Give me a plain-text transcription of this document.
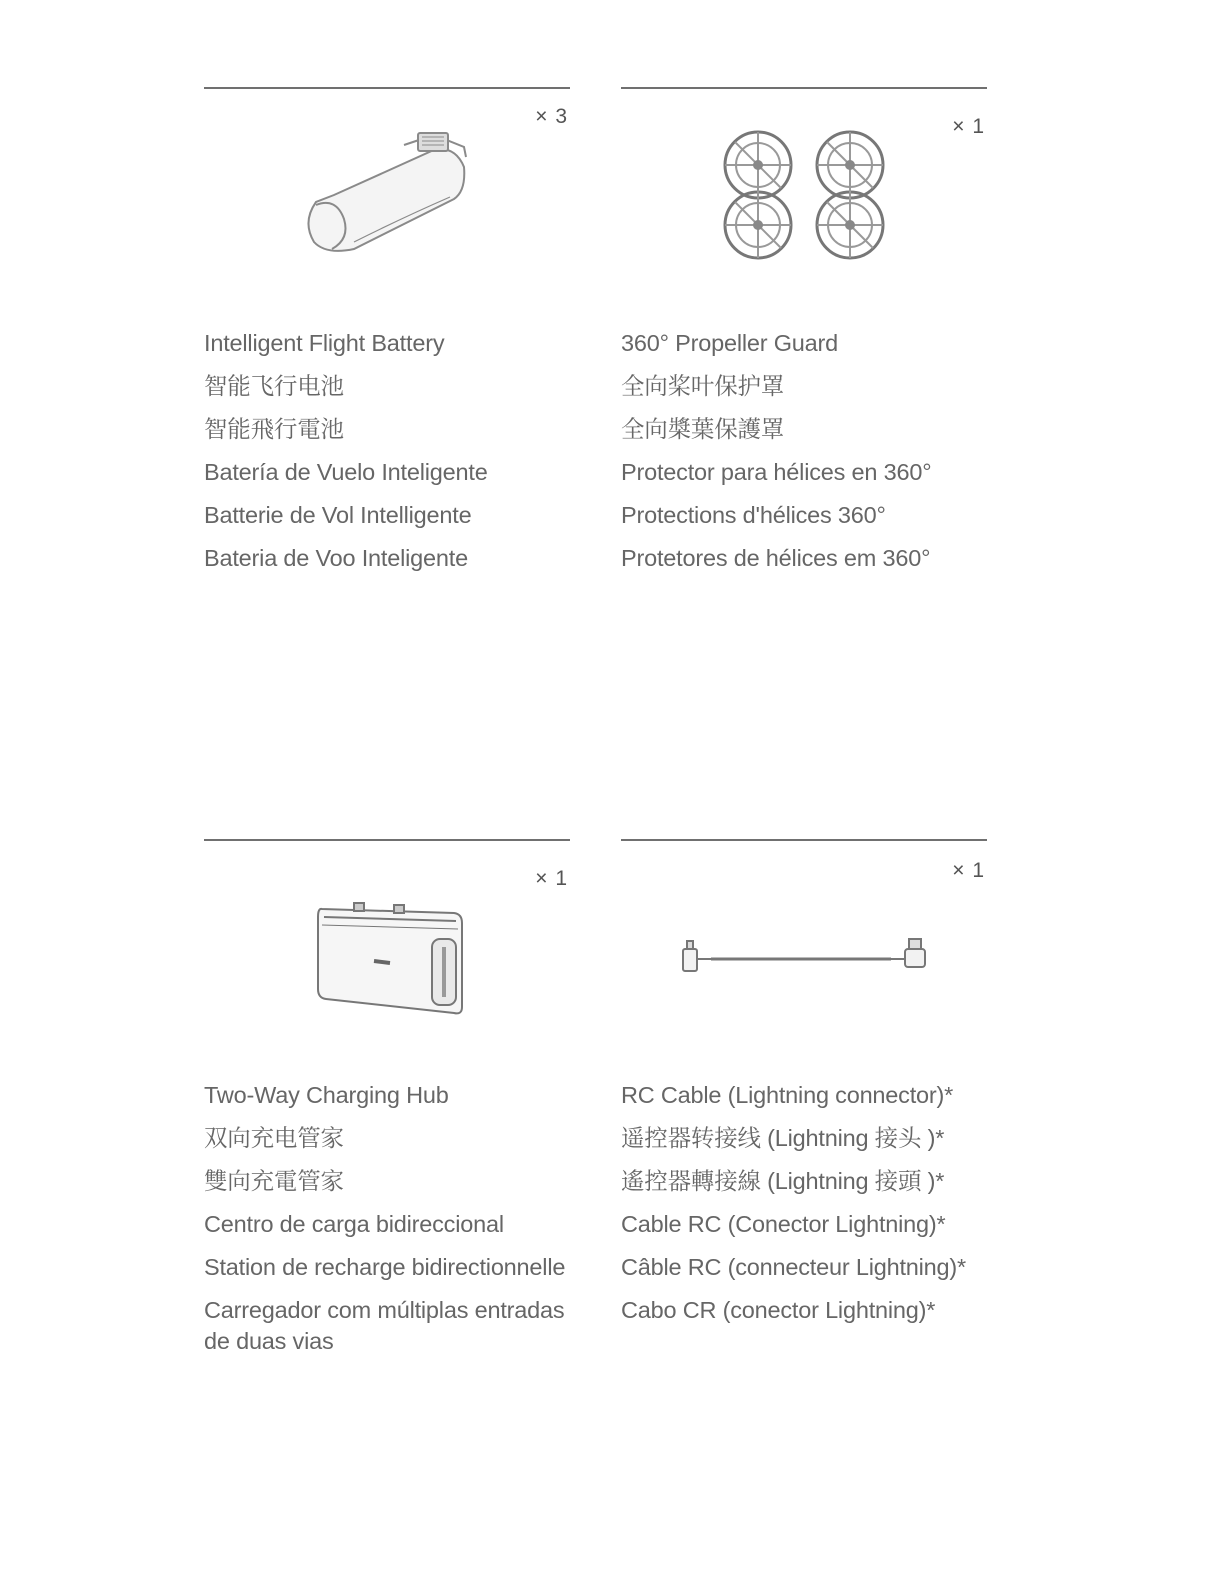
× 3
Intelligent Flight Battery
智能飞行电池
智能飛行電池
Batería de Vuelo Inteligente
Batterie de Vol Intelligente
Bateria de Voo Inteligente
× 1
360° Propeller Guard
全向桨叶保护罩
全向槳葉保護罩
Protector para hélices en 360°
Protections d'hélices 360°
Protetores de hélices em 360°
× 1
Two-Way Charging Hub
双向充电管家
雙向充電管家
Centro de carga bidireccional
Station de recharge bidirectionnelle
Carregador com múltiplas entradas de duas vias
× 1
RC Cable (Lightning connector)*
遥控器转接线 (Lightning 接头 )*
遙控器轉接線 (Lightning 接頭 )*
Cable RC (Conector Lightning)*
Câble RC (connecteur Lightning)*
Cabo CR (conector Lightning)*
